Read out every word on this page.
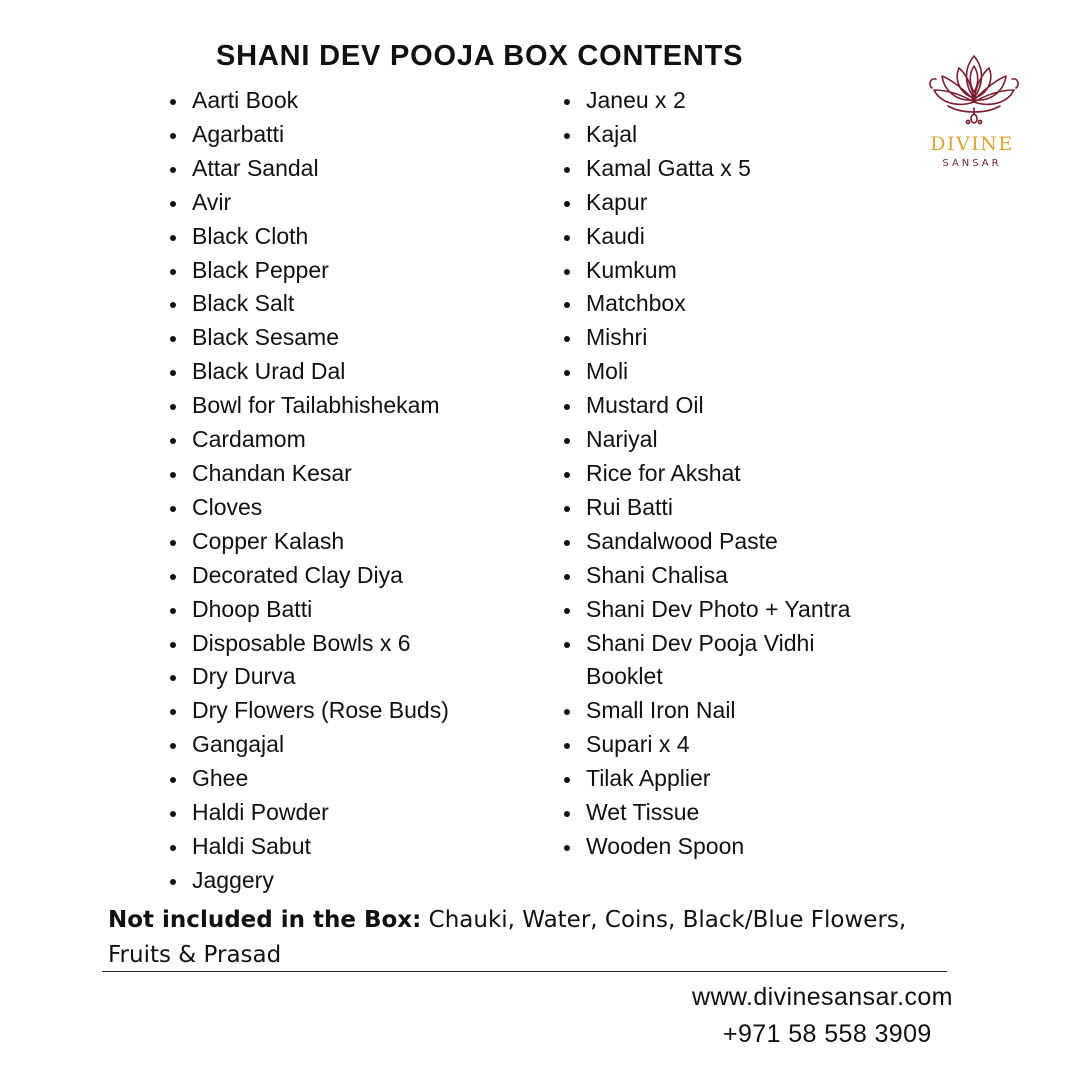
SHANI DEV POOJA BOX CONTENTS
DIVINE
SANSAR
Aarti Book
Agarbatti
Attar Sandal
Avir
Black Cloth
Black Pepper
Black Salt
Black Sesame
Black Urad Dal
Bowl for Tailabhishekam
Cardamom
Chandan Kesar
Cloves
Copper Kalash
Decorated Clay Diya
Dhoop Batti
Disposable Bowls x 6
Dry Durva
Dry Flowers (Rose Buds)
Gangajal
Ghee
Haldi Powder
Haldi Sabut
Jaggery
Janeu x 2
Kajal
Kamal Gatta x 5
Kapur
Kaudi
Kumkum
Matchbox
Mishri
Moli
Mustard Oil
Nariyal
Rice for Akshat
Rui Batti
Sandalwood Paste
Shani Chalisa
Shani Dev Photo + Yantra
Shani Dev Pooja Vidhi
Booklet
Small Iron Nail
Supari x 4
Tilak Applier
Wet Tissue
Wooden Spoon
Not included in the Box: Chauki, Water, Coins, Black/Blue Flowers, Fruits & Prasad
www.divinesansar.com
+971 58 558 3909
